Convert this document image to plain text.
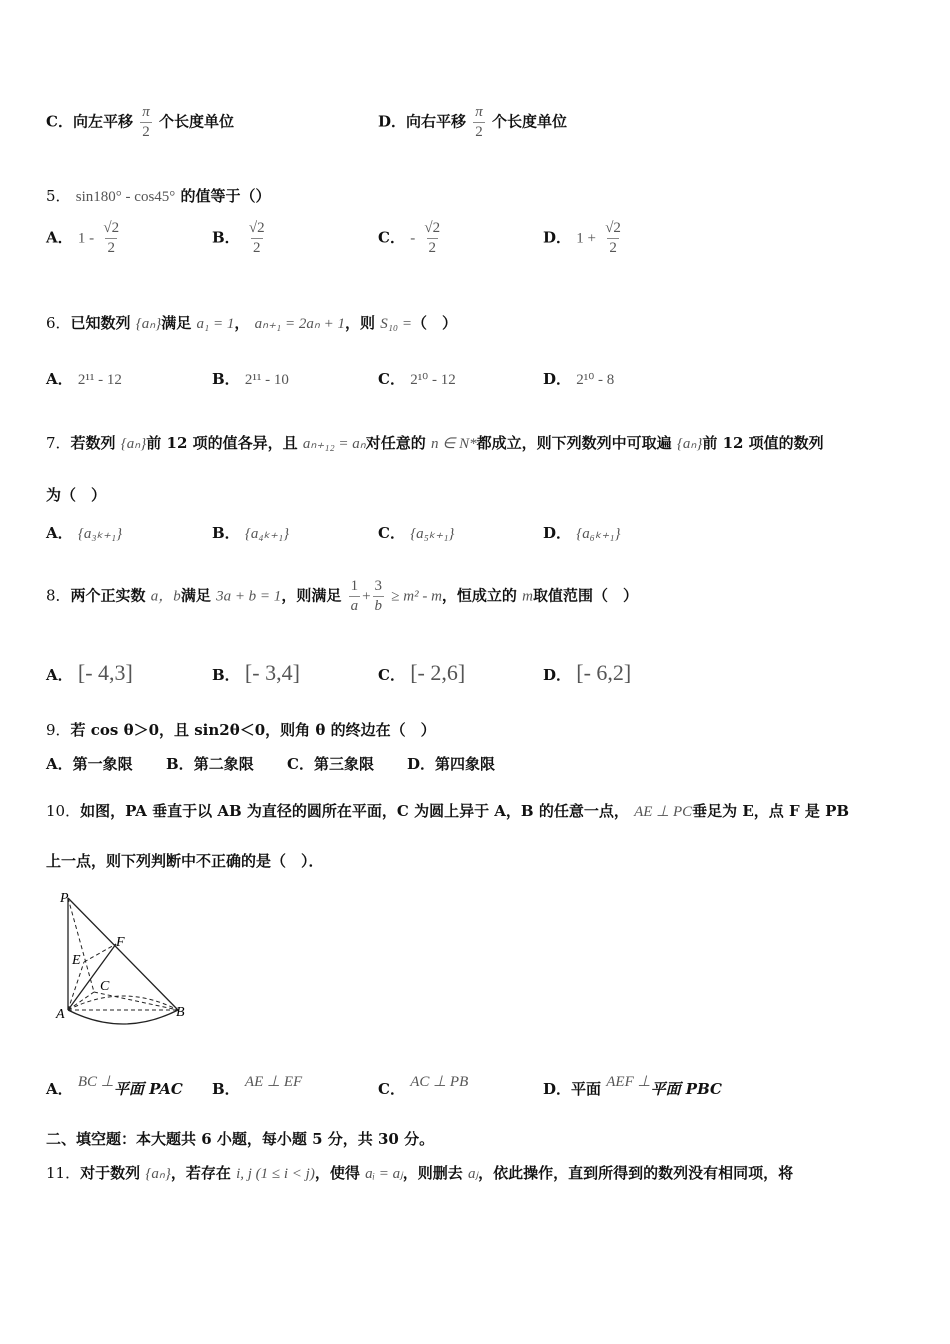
C．向左平移 $\frac{\pi}{2}$ 个长度单位	D．向右平移 $\frac{\pi}{2}$ 个长度单位
5． sin180° - cos45° 的值等于（）
A． $1 - \frac{√2}{2}$	B． $\frac{√2}{2}$	C． - $\frac{√2}{2}$	D． $1 + \frac{√2}{2}$
6．已知数列 {aₙ}满足 a₁ = 1， aₙ₊₁ = 2aₙ + 1，则 S₁₀ =（　）
A． 2¹¹ - 12	B． 2¹¹ - 10	C． 2¹⁰ - 12	D． 2¹⁰ - 8
7．若数列 {aₙ}前 12 项的值各异，且 aₙ₊₁₂ = aₙ对任意的 n ∈ N*都成立，则下列数列中可取遍 {aₙ}前 12 项值的数列
为（　）
A． {a₃ₖ₊₁}	B． {a₄ₖ₊₁}	C． {a₅ₖ₊₁}	D． {a₆ₖ₊₁}
8．两个正实数 a，b满足 3a + b = 1，则满足 $\frac{1}{a} + \frac{3}{b} \ge m^2 - m$，恒成立的 m取值范围（　）
A． [- 4,3]	B． [- 3,4]	C． [- 2,6]	D． [- 6,2]
9．若 cos θ＞0，且 sin2θ＜0，则角 θ 的终边在（　）
A．第一象限 B．第二象限 C．第三象限 D．第四象限
10．如图，PA 垂直于以 AB 为直径的圆所在平面，C 为圆上异于 A，B 的任意一点， AE ⊥ PC垂足为 E，点 F 是 PB
上一点，则下列判断中不正确的是（　）．
P
F
E
C
A	B
A． BC ⊥平面 PAC B． AE ⊥ EF	C． AC ⊥ PB	D．平面 AEF ⊥平面 PBC
二、填空题：本大题共 6 小题，每小题 5 分，共 30 分。
11．对于数列 {aₙ}，若存在 i, j (1 ≤ i < j)，使得 aᵢ = aⱼ，则删去 aⱼ，依此操作，直到所得到的数列没有相同项，将
